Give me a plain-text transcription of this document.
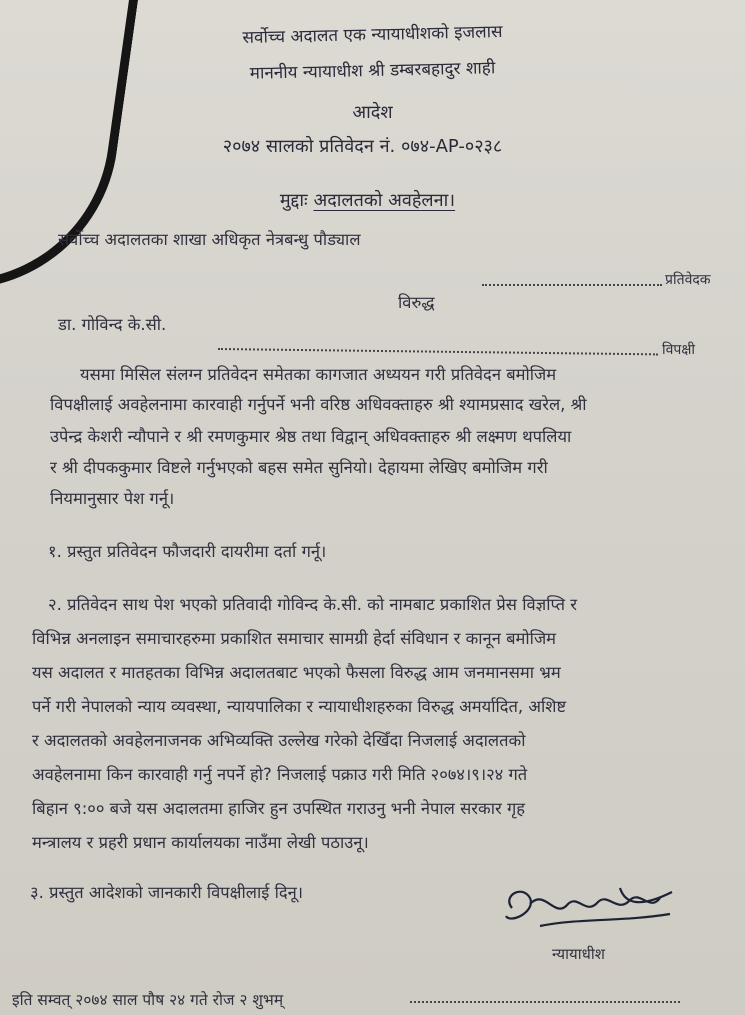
सर्वोच्च अदालत एक न्यायाधीशको इजलास
माननीय न्यायाधीश श्री डम्बरबहादुर शाही
आदेश
२०७४ सालको प्रतिवेदन नं. ०७४-AP-०२३८
मुद्दाः अदालतको अवहेलना।
सर्वोच्च अदालतका शाखा अधिकृत नेत्रबन्धु पौड्याल
प्रतिवेदक
विरुद्ध
डा. गोविन्द के.सी.
विपक्षी
यसमा मिसिल संलग्न प्रतिवेदन समेतका कागजात अध्ययन गरी प्रतिवेदन बमोजिम
विपक्षीलाई अवहेलनामा कारवाही गर्नुपर्ने भनी वरिष्ठ अधिवक्ताहरु श्री श्यामप्रसाद खरेल, श्री
उपेन्द्र केशरी न्यौपाने र श्री रमणकुमार श्रेष्ठ तथा विद्वान् अधिवक्ताहरु श्री लक्ष्मण थपलिया
र श्री दीपककुमार विष्टले गर्नुभएको बहस समेत सुनियो। देहायमा लेखिए बमोजिम गरी
नियमानुसार पेश गर्नू।
१. प्रस्तुत प्रतिवेदन फौजदारी दायरीमा दर्ता गर्नू।
२. प्रतिवेदन साथ पेश भएको प्रतिवादी गोविन्द के.सी. को नामबाट प्रकाशित प्रेस विज्ञप्ति र
विभिन्न अनलाइन समाचारहरुमा प्रकाशित समाचार सामग्री हेर्दा संविधान र कानून बमोजिम
यस अदालत र मातहतका विभिन्न अदालतबाट भएको फैसला विरुद्ध आम जनमानसमा भ्रम
पर्ने गरी नेपालको न्याय व्यवस्था, न्यायपालिका र न्यायाधीशहरुका विरुद्ध अमर्यादित, अशिष्ट
र अदालतको अवहेलनाजनक अभिव्यक्ति उल्लेख गरेको देखिँदा निजलाई अदालतको
अवहेलनामा किन कारवाही गर्नु नपर्ने हो? निजलाई पक्राउ गरी मिति २०७४।९।२४ गते
बिहान ९:०० बजे यस अदालतमा हाजिर हुन उपस्थित गराउनु भनी नेपाल सरकार गृह
मन्त्रालय र प्रहरी प्रधान कार्यालयका नाउँमा लेखी पठाउनू।
३. प्रस्तुत आदेशको जानकारी विपक्षीलाई दिनू।
न्यायाधीश
इति सम्वत् २०७४ साल पौष २४ गते रोज २ शुभम्
